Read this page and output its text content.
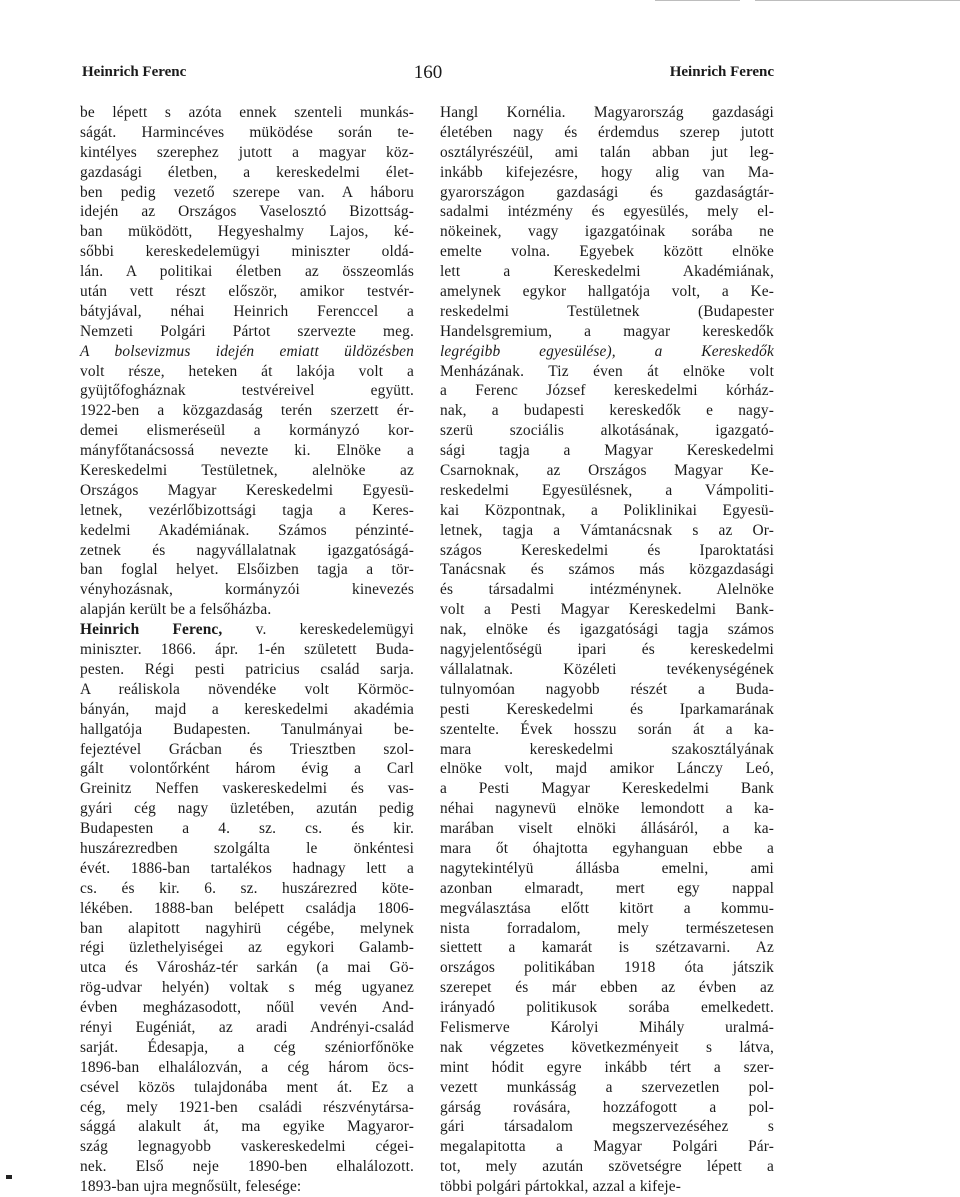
Heinrich Ferenc	160	Heinrich Ferenc
be lépett s azóta ennek szenteli munkás-
ságát. Harmincéves müködése során te-
kintélyes szerephez jutott a magyar köz-
gazdasági életben, a kereskedelmi élet-
ben pedig vezető szerepe van. A háboru
idején az Országos Vaselosztó Bizottság-
ban müködött, Hegyeshalmy Lajos, ké-
sőbbi kereskedelemügyi miniszter oldá-
lán. A politikai életben az összeomlás
után vett részt először, amikor testvér-
bátyjával, néhai Heinrich Ferenccel a
Nemzeti Polgári Pártot szervezte meg.
A bolsevizmus idején emiatt üldözésben
volt része, heteken át lakója volt a
gyüjtőfogháznak testvéreivel együtt.
1922-ben a közgazdaság terén szerzett ér-
demei elismeréseül a kormányzó kor-
mányfőtanácsossá nevezte ki. Elnöke a
Kereskedelmi Testületnek, alelnöke az
Országos Magyar Kereskedelmi Egyesü-
letnek, vezérlőbizottsági tagja a Keres-
kedelmi Akadémiának. Számos pénzinté-
zetnek és nagyvállalatnak igazgatóságá-
ban foglal helyet. Elsőizben tagja a tör-
vényhozásnak, kormányzói kinevezés
alapján került be a felsőházba.
Heinrich Ferenc, v. kereskedelemügyi
miniszter. 1866. ápr. 1-én született Buda-
pesten. Régi pesti patricius család sarja.
A reáliskola növendéke volt Körmöc-
bányán, majd a kereskedelmi akadémia
hallgatója Budapesten. Tanulmányai be-
fejeztével Grácban és Triesztben szol-
gált volontőrként három évig a Carl
Greinitz Neffen vaskereskedelmi és vas-
gyári cég nagy üzletében, azután pedig
Budapesten a 4. sz. cs. és kir.
huszárezredben szolgálta le önkéntesi
évét. 1886-ban tartalékos hadnagy lett a
cs. és kir. 6. sz. huszárezred köte-
lékében. 1888-ban belépett családja 1806-
ban alapitott nagyhirü cégébe, melynek
régi üzlethelyiségei az egykori Galamb-
utca és Városház-tér sarkán (a mai Gö-
rög-udvar helyén) voltak s még ugyanez
évben megházasodott, nőül vevén And-
rényi Eugéniát, az aradi Andrényi-család
sarját. Édesapja, a cég széniorfőnöke
1896-ban elhalálozván, a cég három öcs-
csével közös tulajdonába ment át. Ez a
cég, mely 1921-ben családi részvénytársa-
sággá alakult át, ma egyike Magyaror-
szág legnagyobb vaskereskedelmi cégei-
nek. Első neje 1890-ben elhalálozott.
1893-ban ujra megnősült, felesége:
Hangl Kornélia. Magyarország gazdasági
életében nagy és érdemdus szerep jutott
osztályrészéül, ami talán abban jut leg-
inkább kifejezésre, hogy alig van Ma-
gyarországon gazdasági és gazdaságtár-
sadalmi intézmény és egyesülés, mely el-
nökeinek, vagy igazgatóinak sorába ne
emelte volna. Egyebek között elnöke
lett a Kereskedelmi Akadémiának,
amelynek egykor hallgatója volt, a Ke-
reskedelmi Testületnek (Budapester
Handelsgremium, a magyar kereskedők
legrégibb egyesülése), a Kereskedők
Menházának. Tiz éven át elnöke volt
a Ferenc József kereskedelmi kórház-
nak, a budapesti kereskedők e nagy-
szerü szociális alkotásának, igazgató-
sági tagja a Magyar Kereskedelmi
Csarnoknak, az Országos Magyar Ke-
reskedelmi Egyesülésnek, a Vámpoliti-
kai Központnak, a Poliklinikai Egyesü-
letnek, tagja a Vámtanácsnak s az Or-
szágos Kereskedelmi és Iparoktatási
Tanácsnak és számos más közgazdasági
és társadalmi intézménynek. Alelnöke
volt a Pesti Magyar Kereskedelmi Bank-
nak, elnöke és igazgatósági tagja számos
nagyjelentőségü ipari és kereskedelmi
vállalatnak. Közéleti tevékenységének
tulnyomóan nagyobb részét a Buda-
pesti Kereskedelmi és Iparkamarának
szentelte. Évek hosszu során át a ka-
mara kereskedelmi szakosztályának
elnöke volt, majd amikor Lánczy Leó,
a Pesti Magyar Kereskedelmi Bank
néhai nagynevü elnöke lemondott a ka-
marában viselt elnöki állásáról, a ka-
mara őt óhajtotta egyhanguan ebbe a
nagytekintélyü állásba emelni, ami
azonban elmaradt, mert egy nappal
megválasztása előtt kitört a kommu-
nista forradalom, mely természetesen
siettett a kamarát is szétzavarni. Az
országos politikában 1918 óta játszik
szerepet és már ebben az évben az
irányadó politikusok sorába emelkedett.
Felismerve Károlyi Mihály uralmá-
nak végzetes következményeit s látva,
mint hódit egyre inkább tért a szer-
vezett munkásság a szervezetlen pol-
gárság rovására, hozzáfogott a pol-
gári társadalom megszervezéséhez s
megalapitotta a Magyar Polgári Pár-
tot, mely azután szövetségre lépett a
többi polgári pártokkal, azzal a kifeje-
